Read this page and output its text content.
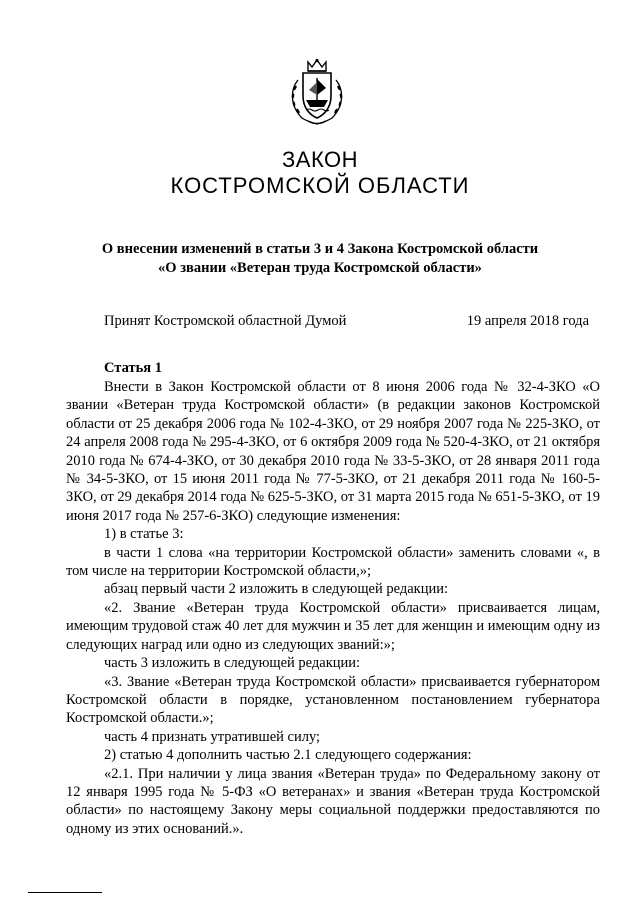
ЗАКОН
КОСТРОМСКОЙ ОБЛАСТИ
О внесении изменений в статьи 3 и 4 Закона Костромской области
«О звании «Ветеран труда Костромской области»
Принят Костромской областной Думой	19 апреля 2018 года
Статья 1

Внести в Закон Костромской области от 8 июня 2006 года № 32-4-ЗКО «О звании «Ветеран труда Костромской области» (в редакции законов Костромской области от 25 декабря 2006 года № 102-4-ЗКО, от 29 ноября 2007 года № 225-ЗКО, от 24 апреля 2008 года № 295-4-ЗКО, от 6 октября 2009 года № 520-4-ЗКО, от 21 октября 2010 года № 674-4-ЗКО, от 30 декабря 2010 года № 33-5-ЗКО, от 28 января 2011 года № 34-5-ЗКО, от 15 июня 2011 года № 77-5-ЗКО, от 21 декабря 2011 года № 160-5-ЗКО, от 29 декабря 2014 года № 625-5-ЗКО, от 31 марта 2015 года № 651-5-ЗКО, от 19 июня 2017 года № 257-6-ЗКО) следующие изменения:

1) в статье 3:

в части 1 слова «на территории Костромской области» заменить словами «, в том числе на территории Костромской области,»;

абзац первый части 2 изложить в следующей редакции:

«2. Звание «Ветеран труда Костромской области» присваивается лицам, имеющим трудовой стаж 40 лет для мужчин и 35 лет для женщин и имеющим одну из следующих наград или одно из следующих званий:»;

часть 3 изложить в следующей редакции:

«3. Звание «Ветеран труда Костромской области» присваивается губернатором Костромской области в порядке, установленном постановлением губернатора Костромской области.»;

часть 4 признать утратившей силу;

2) статью 4 дополнить частью 2.1 следующего содержания:

«2.1. При наличии у лица звания «Ветеран труда» по Федеральному закону от 12 января 1995 года № 5-ФЗ «О ветеранах» и звания «Ветеран труда Костромской области» по настоящему Закону меры социальной поддержки предоставляются по одному из этих оснований.».
